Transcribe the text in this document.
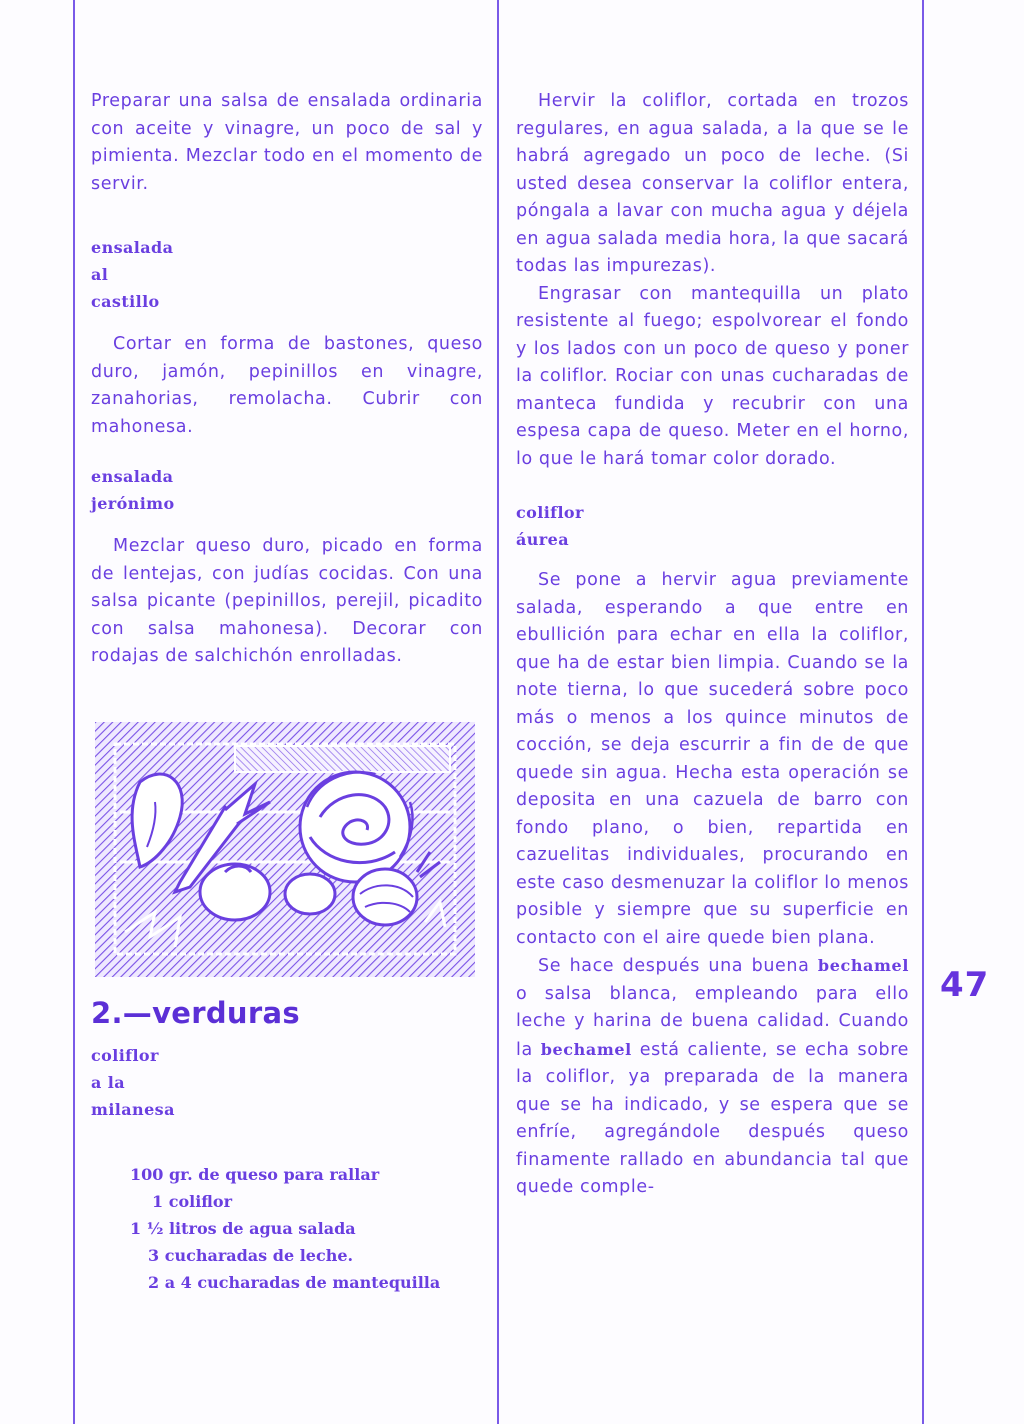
Preparar una salsa de ensalada ordinaria con aceite y vinagre, un poco de sal y pimienta. Mezclar todo en el momento de servir.

ensalada

al

castillo

Cortar en forma de bastones, queso duro, jamón, pepinillos en vinagre, zanahorias, remolacha. Cubrir con mahonesa.

ensalada

jerónimo

Mezclar queso duro, picado en forma de lentejas, con judías cocidas. Con una salsa picante (pepinillos, perejil, picadito con salsa mahonesa). Decorar con rodajas de salchichón enrolladas.

2.—verduras

coliflor

a la

milanesa

100 gr. de queso para rallar
1 coliflor
1 ½ litros de agua salada
3 cucharadas de leche.
2 a 4 cucharadas de mantequilla

Hervir la coliflor, cortada en trozos regulares, en agua salada, a la que se le habrá agregado un poco de leche. (Si usted desea conservar la coliflor entera, póngala a lavar con mucha agua y déjela en agua salada media hora, la que sacará todas las impurezas).

Engrasar con mantequilla un plato resistente al fuego; espolvorear el fondo y los lados con un poco de queso y poner la coliflor. Rociar con unas cucharadas de manteca fundida y recubrir con una espesa capa de queso. Meter en el horno, lo que le hará tomar color dorado.

coliflor

áurea

Se pone a hervir agua previamente salada, esperando a que entre en ebullición para echar en ella la coliflor, que ha de estar bien limpia. Cuando se la note tierna, lo que sucederá sobre poco más o menos a los quince minutos de cocción, se deja escurrir a fin de de que quede sin agua. Hecha esta operación se deposita en una cazuela de barro con fondo plano, o bien, repartida en cazuelitas individuales, procurando en este caso desmenuzar la coliflor lo menos posible y siempre que su superficie en contacto con el aire quede bien plana.

Se hace después una buena bechamel o salsa blanca, empleando para ello leche y harina de buena calidad. Cuando la bechamel está caliente, se echa sobre la coliflor, ya preparada de la manera que se ha indicado, y se espera que se enfríe, agregándole después queso finamente rallado en abundancia tal que quede comple-

47
